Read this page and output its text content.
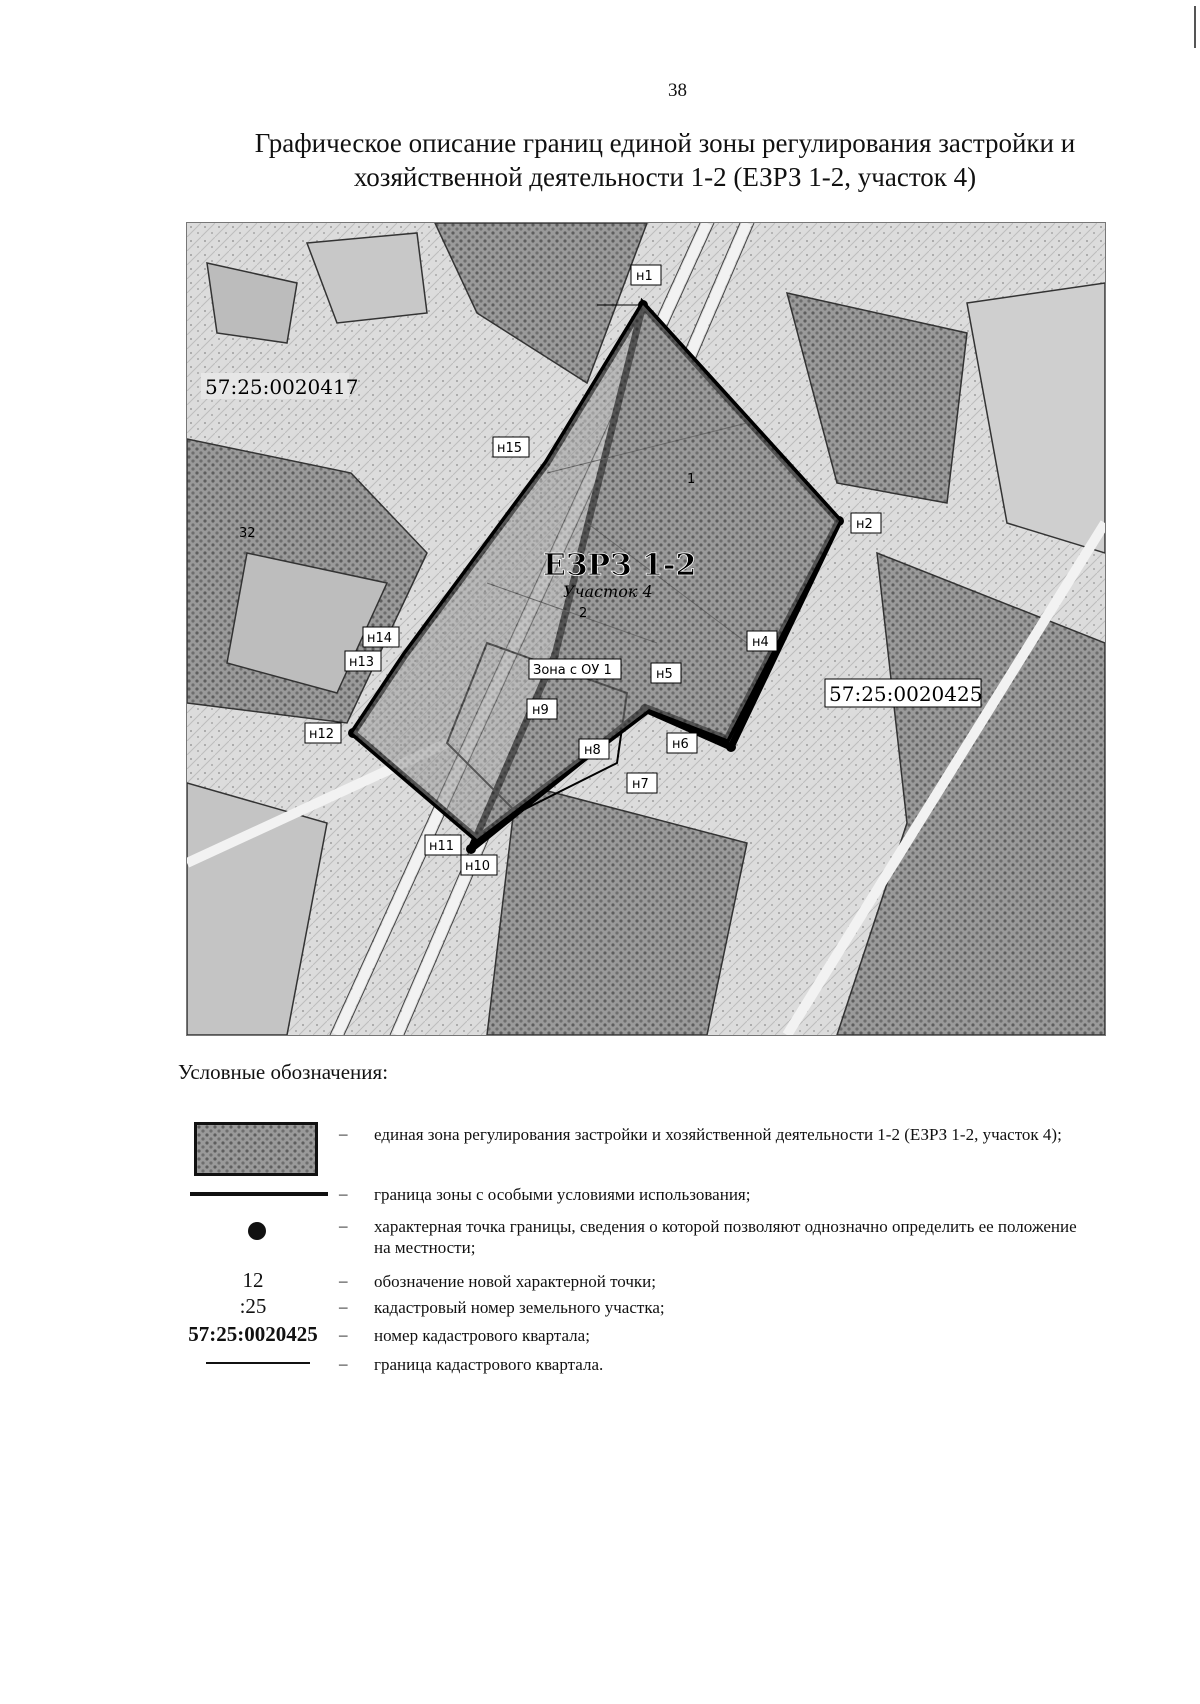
38
Графическое описание границ единой зоны регулирования застройки и
хозяйственной деятельности 1-2 (ЕЗРЗ 1-2, участок 4)
н1
н2
н4
н5
н6
н7
н8
н9
н10
н11
н12
н13
н14
н15
ЕЗРЗ 1-2
Участок 4
Зона с ОУ 1
1
2
32
57:25:0020417
57:25:0020425
Условные обозначения:
– единая зона регулирования застройки и хозяйственной деятельности 1-2 (ЕЗРЗ 1-2, участок 4);
– граница зоны с особыми условиями использования;
– характерная точка границы, сведения о которой позволяют однозначно определить ее положение на местности;
12	– обозначение новой характерной точки;
:25	– кадастровый номер земельного участка;
57:25:0020425	– номер кадастрового квартала;
– граница кадастрового квартала.
